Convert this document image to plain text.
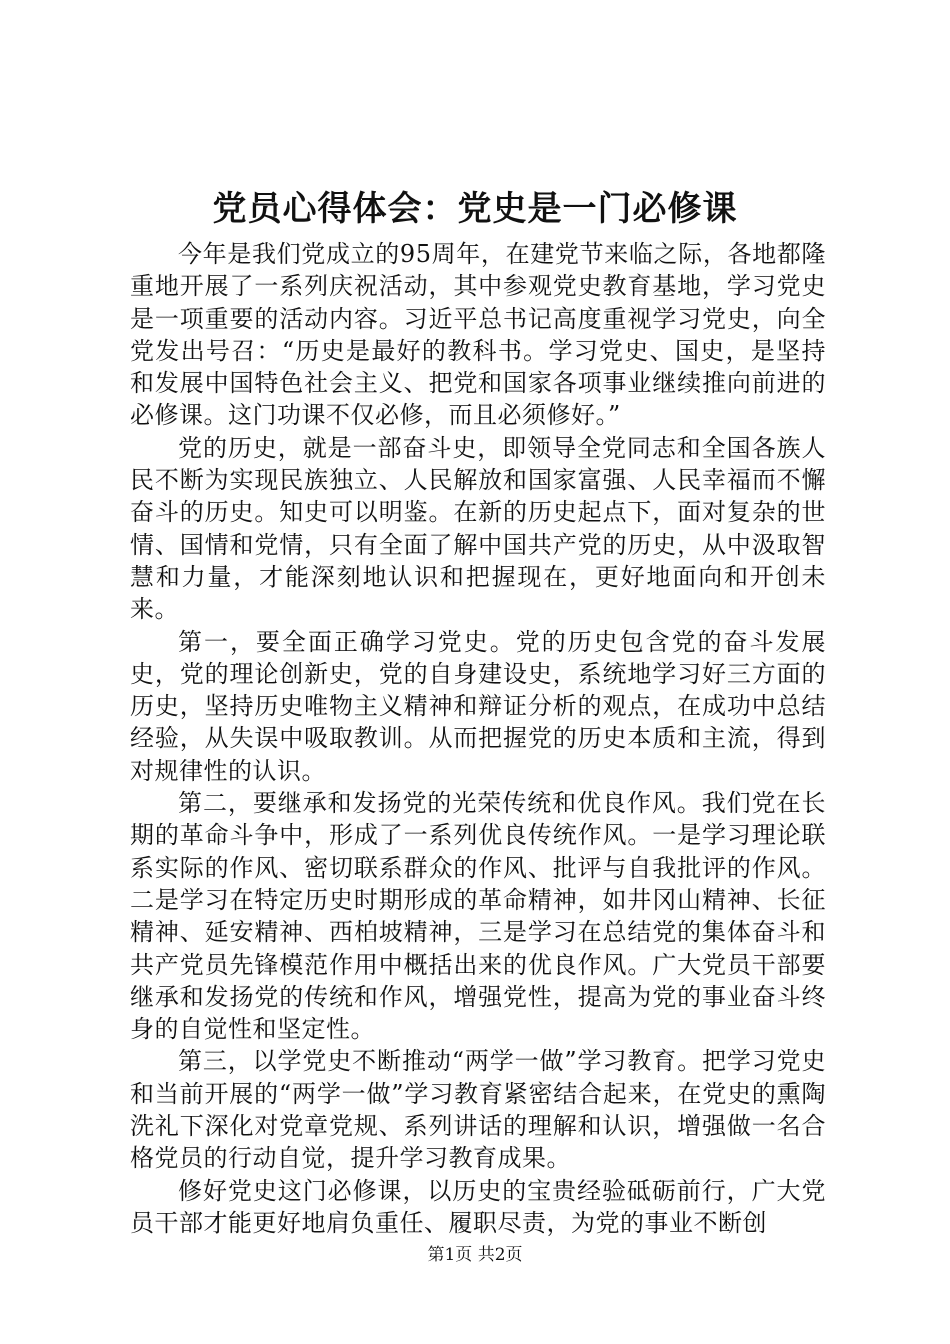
党员心得体会：党史是一门必修课

今年是我们党成立的95周年，在建党节来临之际，各地都隆重地开展了一系列庆祝活动，其中参观党史教育基地，学习党史是一项重要的活动内容。习近平总书记高度重视学习党史，向全党发出号召：“历史是最好的教科书。学习党史、国史，是坚持和发展中国特色社会主义、把党和国家各项事业继续推向前进的必修课。这门功课不仅必修，而且必须修好。”

党的历史，就是一部奋斗史，即领导全党同志和全国各族人民不断为实现民族独立、人民解放和国家富强、人民幸福而不懈奋斗的历史。知史可以明鉴。在新的历史起点下，面对复杂的世情、国情和党情，只有全面了解中国共产党的历史，从中汲取智慧和力量，才能深刻地认识和把握现在，更好地面向和开创未来。

第一，要全面正确学习党史。党的历史包含党的奋斗发展史，党的理论创新史，党的自身建设史，系统地学习好三方面的历史，坚持历史唯物主义精神和辩证分析的观点，在成功中总结经验，从失误中吸取教训。从而把握党的历史本质和主流，得到对规律性的认识。

第二，要继承和发扬党的光荣传统和优良作风。我们党在长期的革命斗争中，形成了一系列优良传统作风。一是学习理论联系实际的作风、密切联系群众的作风、批评与自我批评的作风。二是学习在特定历史时期形成的革命精神，如井冈山精神、长征精神、延安精神、西柏坡精神，三是学习在总结党的集体奋斗和共产党员先锋模范作用中概括出来的优良作风。广大党员干部要继承和发扬党的传统和作风，增强党性，提高为党的事业奋斗终身的自觉性和坚定性。

第三，以学党史不断推动“两学一做”学习教育。把学习党史和当前开展的“两学一做”学习教育紧密结合起来，在党史的熏陶洗礼下深化对党章党规、系列讲话的理解和认识，增强做一名合格党员的行动自觉，提升学习教育成果。

修好党史这门必修课，以历史的宝贵经验砥砺前行，广大党员干部才能更好地肩负重任、履职尽责，为党的事业不断创

第1页 共2页
